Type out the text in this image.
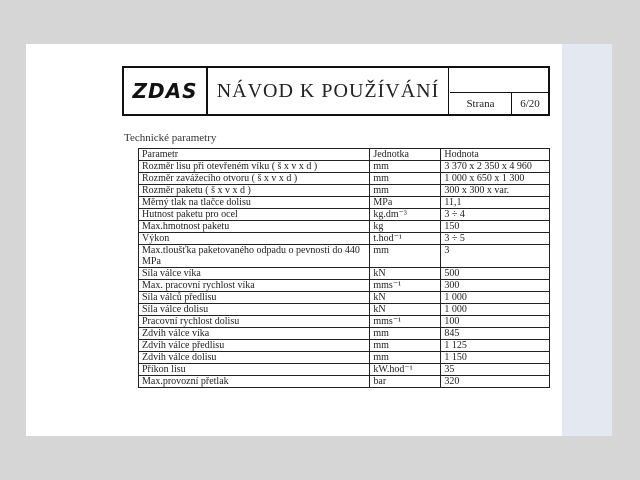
ZDAS NÁVOD K POUŽÍVÁNÍ
Strana	6/20
Technické parametry
Parametr	Jednotka	Hodnota
Rozměr lisu při otevřeném víku ( š x v x d )	mm	3 370 x 2 350 x 4 960
Rozměr zavážecího otvoru ( š x v x d )	mm	1 000 x 650 x 1 300
Rozměr paketu ( š x v x d )	mm	300 x 300 x var.
Měrný tlak na tlačce dolisu	MPa	11,1
Hutnost paketu pro ocel	kg.dm⁻³	3 ÷ 4
Max.hmotnost paketu	kg	150
Výkon	t.hod⁻¹	3 ÷ 5
Max.tloušťka paketovaného odpadu o pevnosti do 440 MPa	mm	3
Síla válce víka	kN	500
Max. pracovní rychlost víka	mms⁻¹	300
Síla válců předlisu	kN	1 000
Síla válce dolisu	kN	1 000
Pracovní rychlost dolisu	mms⁻¹	100
Zdvih válce víka	mm	845
Zdvih válce předlisu	mm	1 125
Zdvih válce dolisu	mm	1 150
Příkon lisu	kW.hod⁻¹	35
Max.provozní přetlak	bar	320
